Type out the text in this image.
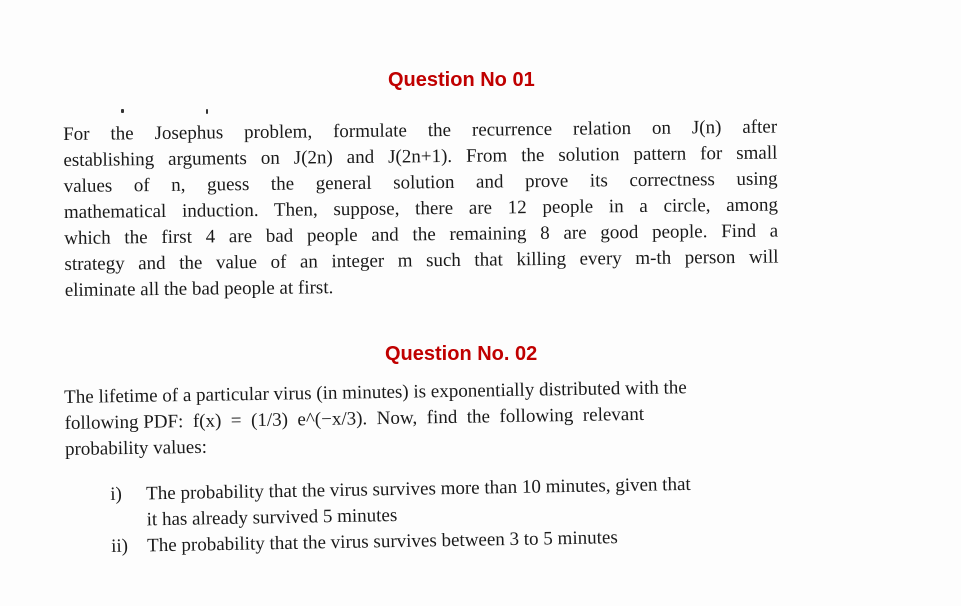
Question No 01
For the Josephus problem, formulate the recurrence relation on J(n) after
establishing arguments on J(2n) and J(2n+1). From the solution pattern for small
values of n, guess the general solution and prove its correctness using
mathematical induction. Then, suppose, there are 12 people in a circle, among
which the first 4 are bad people and the remaining 8 are good people. Find a
strategy and the value of an integer m such that killing every m-th person will
eliminate all the bad people at first.
Question No. 02
The lifetime of a particular virus (in minutes) is exponentially distributed with the
following PDF:  f(x)  =  (1/3)  e^(−x/3).  Now,  find  the  following  relevant
probability values:
i)	The probability that the virus survives more than 10 minutes, given that
it has already survived 5 minutes
ii) The probability that the virus survives between 3 to 5 minutes
